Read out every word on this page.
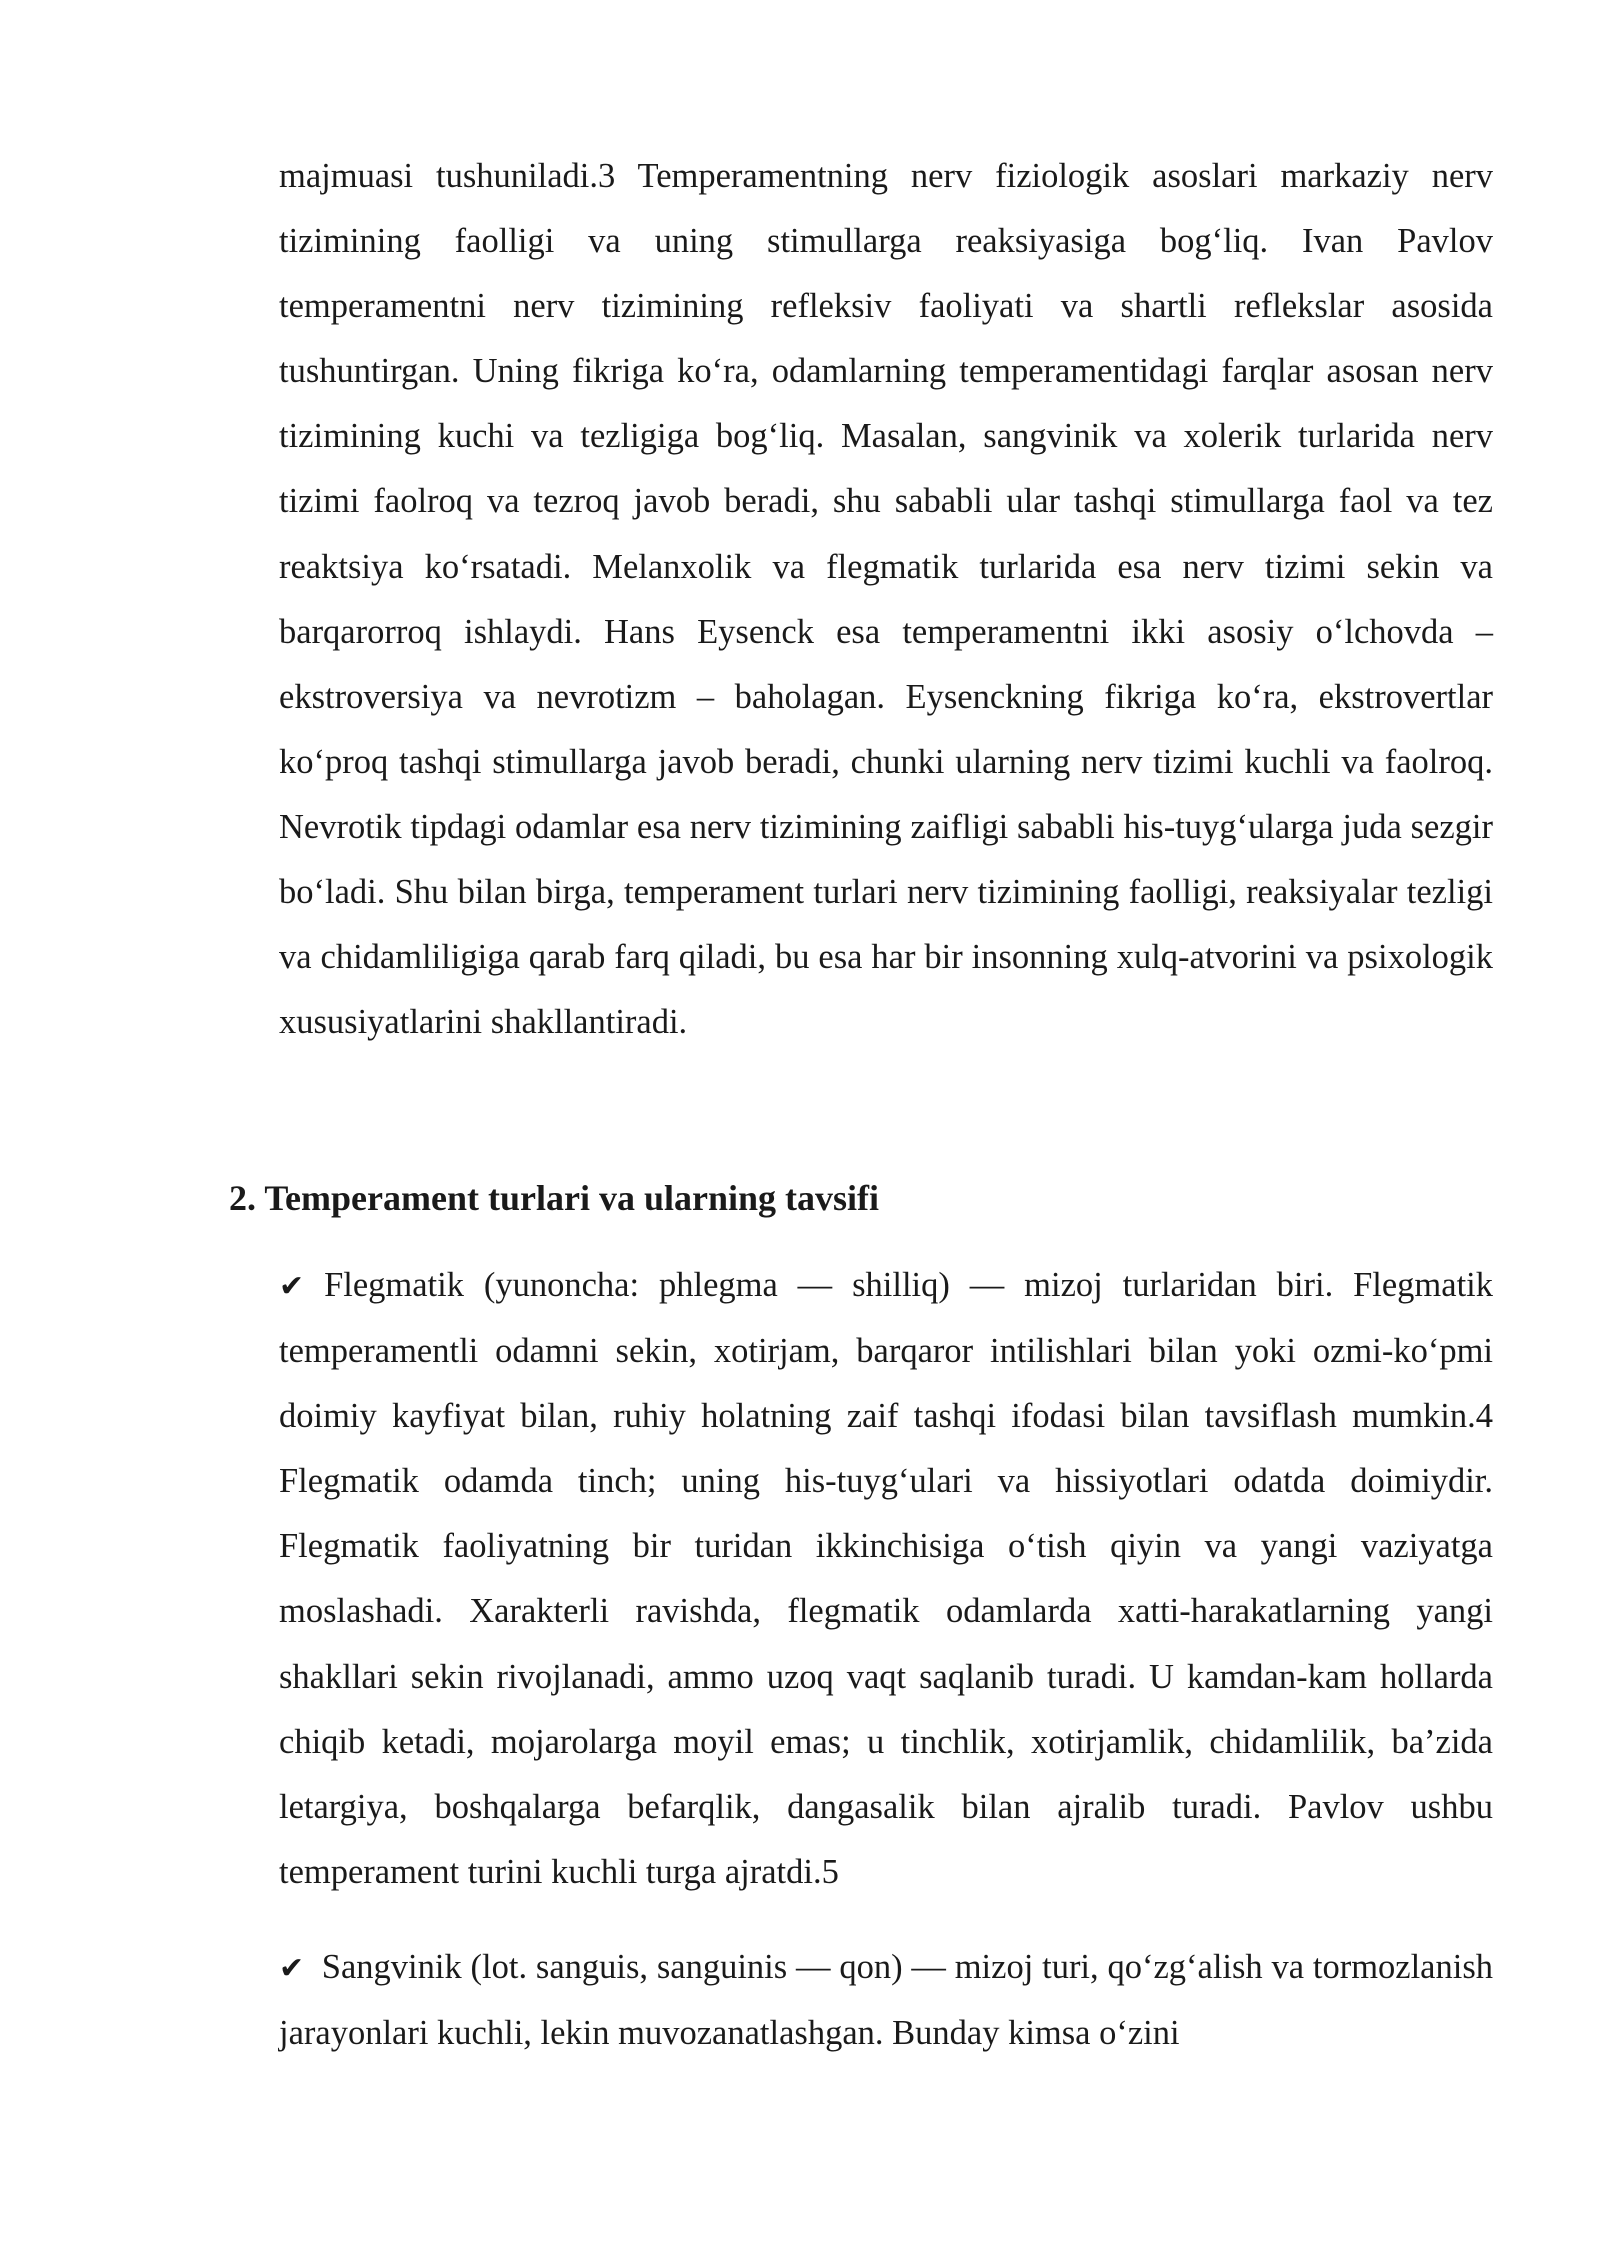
majmuasi tushuniladi.3 Temperamentning nerv fiziologik asoslari markaziy nerv tizimining faolligi va uning stimullarga reaksiyasiga bog‘liq. Ivan Pavlov temperamentni nerv tizimining refleksiv faoliyati va shartli reflekslar asosida tushuntirgan. Uning fikriga ko‘ra, odamlarning temperamentidagi farqlar asosan nerv tizimining kuchi va tezligiga bog‘liq. Masalan, sangvinik va xolerik turlarida nerv tizimi faolroq va tezroq javob beradi, shu sababli ular tashqi stimullarga faol va tez reaktsiya ko‘rsatadi. Melanxolik va flegmatik turlarida esa nerv tizimi sekin va barqarorroq ishlaydi. Hans Eysenck esa temperamentni ikki asosiy o‘lchovda – ekstroversiya va nevrotizm – baholagan. Eysenckning fikriga ko‘ra, ekstrovertlar ko‘proq tashqi stimullarga javob beradi, chunki ularning nerv tizimi kuchli va faolroq. Nevrotik tipdagi odamlar esa nerv tizimining zaifligi sababli his-tuyg‘ularga juda sezgir bo‘ladi. Shu bilan birga, temperament turlari nerv tizimining faolligi, reaksiyalar tezligi va chidamliligiga qarab farq qiladi, bu esa har bir insonning xulq-atvorini va psixologik xususiyatlarini shakllantiradi.

2. Temperament turlari va ularning tavsifi

✔ Flegmatik (yunoncha: phlegma — shilliq) — mizoj turlaridan biri. Flegmatik temperamentli odamni sekin, xotirjam, barqaror intilishlari bilan yoki ozmi-ko‘pmi doimiy kayfiyat bilan, ruhiy holatning zaif tashqi ifodasi bilan tavsiflash mumkin.4 Flegmatik odamda tinch; uning his-tuyg‘ulari va hissiyotlari odatda doimiydir. Flegmatik faoliyatning bir turidan ikkinchisiga o‘tish qiyin va yangi vaziyatga moslashadi. Xarakterli ravishda, flegmatik odamlarda xatti-harakatlarning yangi shakllari sekin rivojlanadi, ammo uzoq vaqt saqlanib turadi. U kamdan-kam hollarda chiqib ketadi, mojarolarga moyil emas; u tinchlik, xotirjamlik, chidamlilik, ba’zida letargiya, boshqalarga befarqlik, dangasalik bilan ajralib turadi. Pavlov ushbu temperament turini kuchli turga ajratdi.5

✔ Sangvinik (lot. sanguis, sanguinis — qon) — mizoj turi, qo‘zg‘alish va tormozlanish jarayonlari kuchli, lekin muvozanatlashgan. Bunday kimsa o‘zini
